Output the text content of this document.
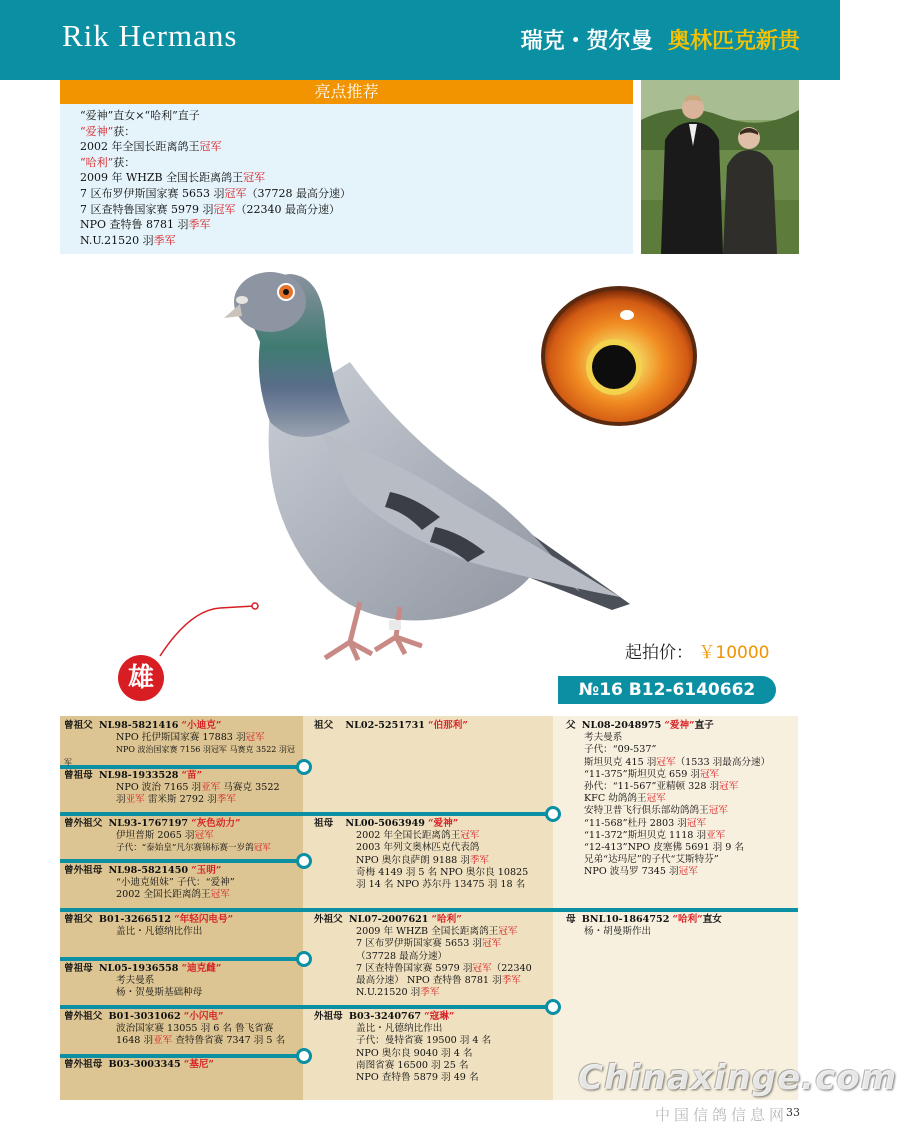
Rik Hermans	瑞克・贺尔曼 奥林匹克新贵
亮点推荐
“爱神”直女×“哈利”直子
“爱神”获：
2002 年全国长距离鸽王冠军
“哈利”获：
2009 年 WHZB 全国长距离鸽王冠军
7 区布罗伊斯国家赛 5653 羽冠军（37728 最高分速）
7 区查特鲁国家赛 5979 羽冠军（22340 最高分速）
NPO 查特鲁 8781 羽季军
N.U.21520 羽季军
雄
起拍价： ￥10000
№16 B12-6140662
曾祖父 NL98-5821416 “小迪克”
NPO 托伊斯国家赛 17883 羽冠军
NPO 波治国家赛 7156 羽冠军 马赛克 3522 羽冠军
曾祖母 NL98-1933528 “苗”
NPO 波治 7165 羽亚军 马赛克 3522
羽亚军 雷米斯 2792 羽季军
曾外祖父 NL93-1767197 “灰色动力”
伊坦普斯 2065 羽冠军
子代：“泰始皇”凡尔赛锦标赛一岁鸽冠军
曾外祖母 NL98-5821450 “玉明”
“小迪克姐妹” 子代：“爱神”
2002 全国长距离鸽王冠军
曾祖父 B01-3266512 “年轻闪电号”
盖比・凡德纳比作出
曾祖母 NL05-1936558 “迪克雌”
考夫曼系
杨・贺曼斯基础种母
曾外祖父 B01-3031062 “小闪电”
波治国家赛 13055 羽 6 名 鲁飞省赛
1648 羽亚军 查特鲁省赛 7347 羽 5 名
曾外祖母 B03-3003345 “基尼”
祖父 NL02-5251731 “伯那利”
祖母 NL00-5063949 “爱神”
2002 年全国长距离鸽王冠军
2003 年列文奥林匹克代表鸽
NPO 奥尔良萨朗 9188 羽季军
奇梅 4149 羽 5 名 NPO 奥尔良 10825
羽 14 名 NPO 苏尔丹 13475 羽 18 名
外祖父 NL07-2007621 “哈利”
2009 年 WHZB 全国长距离鸽王冠军
7 区布罗伊斯国家赛 5653 羽冠军
（37728 最高分速）
7 区查特鲁国家赛 5979 羽冠军（22340
最高分速） NPO 查特鲁 8781 羽季军
N.U.21520 羽季军
外祖母 B03-3240767 “寇琳”
盖比・凡德纳比作出
子代：曼特省赛 19500 羽 4 名
NPO 奥尔良 9040 羽 4 名
南图省赛 16500 羽 25 名
NPO 查特鲁 5879 羽 49 名
父 NL08-2048975 “爱神”直子
考夫曼系
子代：“09-537”
斯坦贝克 415 羽冠军（1533 羽最高分速）
“11-375”斯坦贝克 659 羽冠军
孙代：“11-567”亚精顿 328 羽冠军
KFC 幼鸽鸽王冠军
安特卫普飞行俱乐部幼鸽鸽王冠军
“11-568”杜丹 2803 羽冠军
“11-372”斯坦贝克 1118 羽亚军
“12-413”NPO 皮塞佛 5691 羽 9 名
兄弟“达玛尼”的子代“艾斯特芬”
NPO 波马罗 7345 羽冠军
母 BNL10-1864752 “哈利”直女
杨・胡曼斯作出
Chinaxinge.com
中国信鸽信息网
33
